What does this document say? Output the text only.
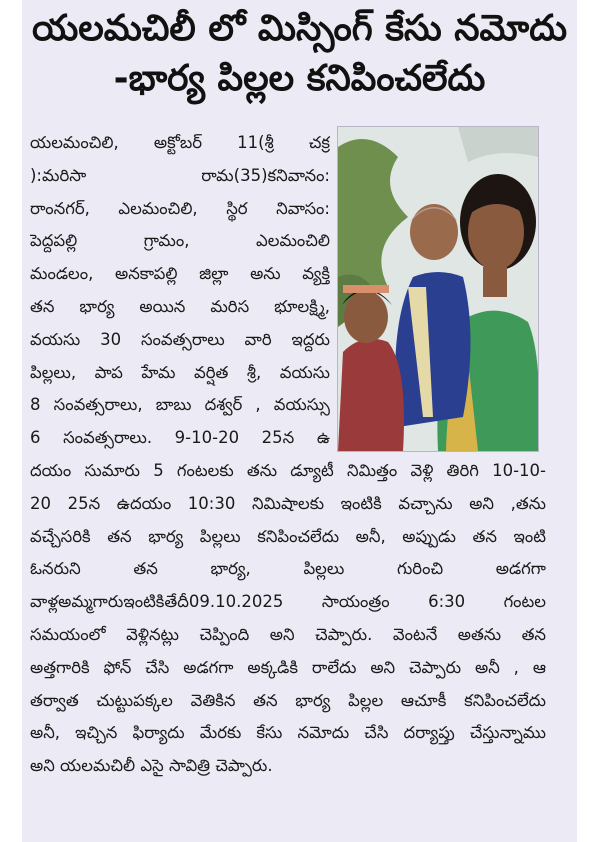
యలమచిలీ లో మిస్సింగ్ కేసు నమోదు
-భార్య పిల్లల కనిపించలేదు
యలమంచిలి, అక్టోబర్ 11(శ్రీ చక్ర
):మరిసా రామ(35)కనివానం:
రాంనగర్, ఎలమంచిలి, స్థిర నివాసం:
పెద్దపల్లి గ్రామం, ఎలమంచిలి
మండలం, అనకాపల్లి జిల్లా అను వ్యక్తి
తన భార్య అయిన మరిస భూలక్ష్మి,
వయసు 30 సంవత్సరాలు వారి ఇద్దరు
పిల్లలు, పాప హేమ వర్షిత శ్రీ, వయసు
8 సంవత్సరాలు, బాబు దశ్వర్ , వయస్సు
6 సంవత్సరాలు. 9-10-20 25న ఉ
దయం సుమారు 5 గంటలకు తను డ్యూటీ నిమిత్తం వెళ్లి తిరిగి 10-10-
20 25న ఉదయం 10:30 నిమిషాలకు ఇంటికి వచ్చాను అని ,తను
వచ్చేసరికి తన భార్య పిల్లలు కనిపించలేదు అనీ, అప్పుడు తన ఇంటి
ఓనరుని తన భార్య, పిల్లలు గురించి అడగగా
వాళ్లఅమ్మగారుఇంటికితేదీ09.10.2025 సాయంత్రం 6:30 గంటల
సమయంలో వెళ్లినట్లు చెప్పింది అని చెప్పారు. వెంటనే అతను తన
అత్తగారికి ఫోన్ చేసి అడగగా అక్కడికి రాలేదు అని చెప్పారు అనీ , ఆ
తర్వాత చుట్టుపక్కల వెతికిన తన భార్య పిల్లల ఆచూకీ కనిపించలేదు
అనీ, ఇచ్చిన ఫిర్యాదు మేరకు కేసు నమోదు చేసి దర్యాప్తు చేస్తున్నాము
అని యలమచిలీ ఎసై సావిత్రి చెప్పారు.
